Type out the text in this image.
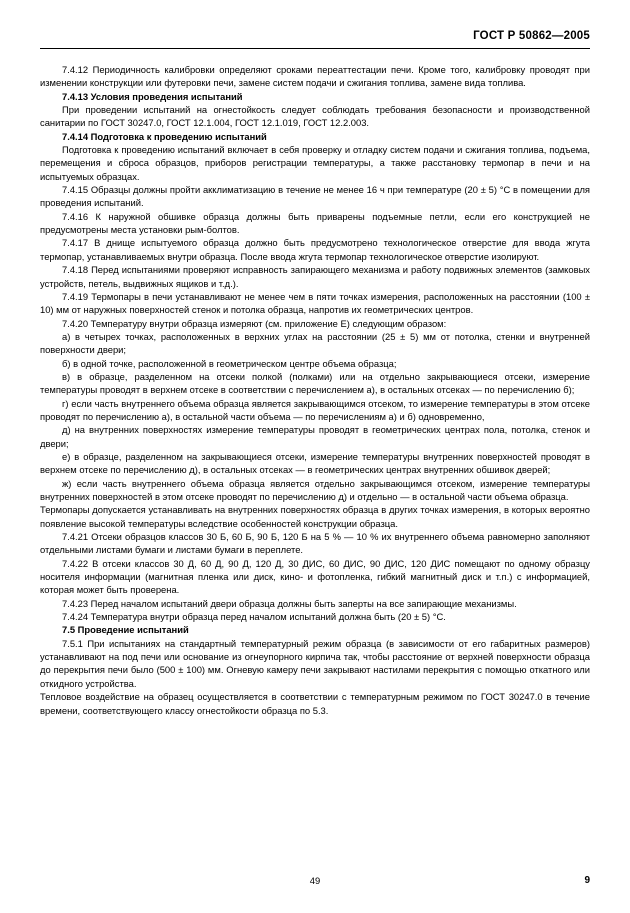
ГОСТ Р 50862—2005

7.4.12 Периодичность калибровки определяют сроками переаттестации печи. Кроме того, калибровку проводят при изменении конструкции или футеровки печи, замене систем подачи и сжигания топлива, замене вида топлива.

7.4.13 Условия проведения испытаний

При проведении испытаний на огнестойкость следует соблюдать требования безопасности и производственной санитарии по ГОСТ 30247.0, ГОСТ 12.1.004, ГОСТ 12.1.019, ГОСТ 12.2.003.

7.4.14 Подготовка к проведению испытаний

Подготовка к проведению испытаний включает в себя проверку и отладку систем подачи и сжигания топлива, подъема, перемещения и сброса образцов, приборов регистрации температуры, а также расстановку термопар в печи и на испытуемых образцах.

7.4.15 Образцы должны пройти акклиматизацию в течение не менее 16 ч при температуре (20 ± 5) °С в помещении для проведения испытаний.

7.4.16 К наружной обшивке образца должны быть приварены подъемные петли, если его конструкцией не предусмотрены места установки рым-болтов.

7.4.17 В днище испытуемого образца должно быть предусмотрено технологическое отверстие для ввода жгута термопар, устанавливаемых внутри образца. После ввода жгута термопар технологическое отверстие изолируют.

7.4.18 Перед испытаниями проверяют исправность запирающего механизма и работу подвижных элементов (замковых устройств, петель, выдвижных ящиков и т.д.).

7.4.19 Термопары в печи устанавливают не менее чем в пяти точках измерения, расположенных на расстоянии (100 ± 10) мм от наружных поверхностей стенок и потолка образца, напротив их геометрических центров.

7.4.20 Температуру внутри образца измеряют (см. приложение Е) следующим образом:

а) в четырех точках, расположенных в верхних углах на расстоянии (25 ± 5) мм от потолка, стенки и внутренней поверхности двери;

б) в одной точке, расположенной в геометрическом центре объема образца;

в) в образце, разделенном на отсеки полкой (полками) или на отдельно закрывающиеся отсеки, измерение температуры проводят в верхнем отсеке в соответствии с перечислением а), в остальных отсеках — по перечислению б);

г) если часть внутреннего объема образца является закрывающимся отсеком, то измерение температуры в этом отсеке проводят по перечислению а), в остальной части объема — по перечислениям а) и б) одновременно,

д) на внутренних поверхностях измерение температуры проводят в геометрических центрах пола, потолка, стенок и двери;

е) в образце, разделенном на закрывающиеся отсеки, измерение температуры внутренних поверхностей проводят в верхнем отсеке по перечислению д), в остальных отсеках — в геометрических центрах внутренних обшивок дверей;

ж) если часть внутреннего объема образца является отдельно закрывающимся отсеком, измерение температуры внутренних поверхностей в этом отсеке проводят по перечислению д) и отдельно — в остальной части объема образца.

Термопары допускается устанавливать на внутренних поверхностях образца в других точках измерения, в которых вероятно появление высокой температуры вследствие особенностей конструкции образца.

7.4.21 Отсеки образцов классов 30 Б, 60 Б, 90 Б, 120 Б на 5 % — 10 % их внутреннего объема равномерно заполняют отдельными листами бумаги и листами бумаги в переплете.

7.4.22 В отсеки классов 30 Д, 60 Д, 90 Д, 120 Д, 30 ДИС, 60 ДИС, 90 ДИС, 120 ДИС помещают по одному образцу носителя информации (магнитная пленка или диск, кино- и фотопленка, гибкий магнитный диск и т.п.) с информацией, которая может быть проверена.

7.4.23 Перед началом испытаний двери образца должны быть заперты на все запирающие механизмы.

7.4.24 Температура внутри образца перед началом испытаний должна быть (20 ± 5) °С.

7.5 Проведение испытаний

7.5.1 При испытаниях на стандартный температурный режим образца (в зависимости от его габаритных размеров) устанавливают на под печи или основание из огнеупорного кирпича так, чтобы расстояние от верхней поверхности образца до перекрытия печи было (500 ± 100) мм. Огневую камеру печи закрывают настилами перекрытия с помощью откатного или откидного устройства.

Тепловое воздействие на образец осуществляется в соответствии с температурным режимом по ГОСТ 30247.0 в течение времени, соответствующего классу огнестойкости образца по 5.3.

49	9
